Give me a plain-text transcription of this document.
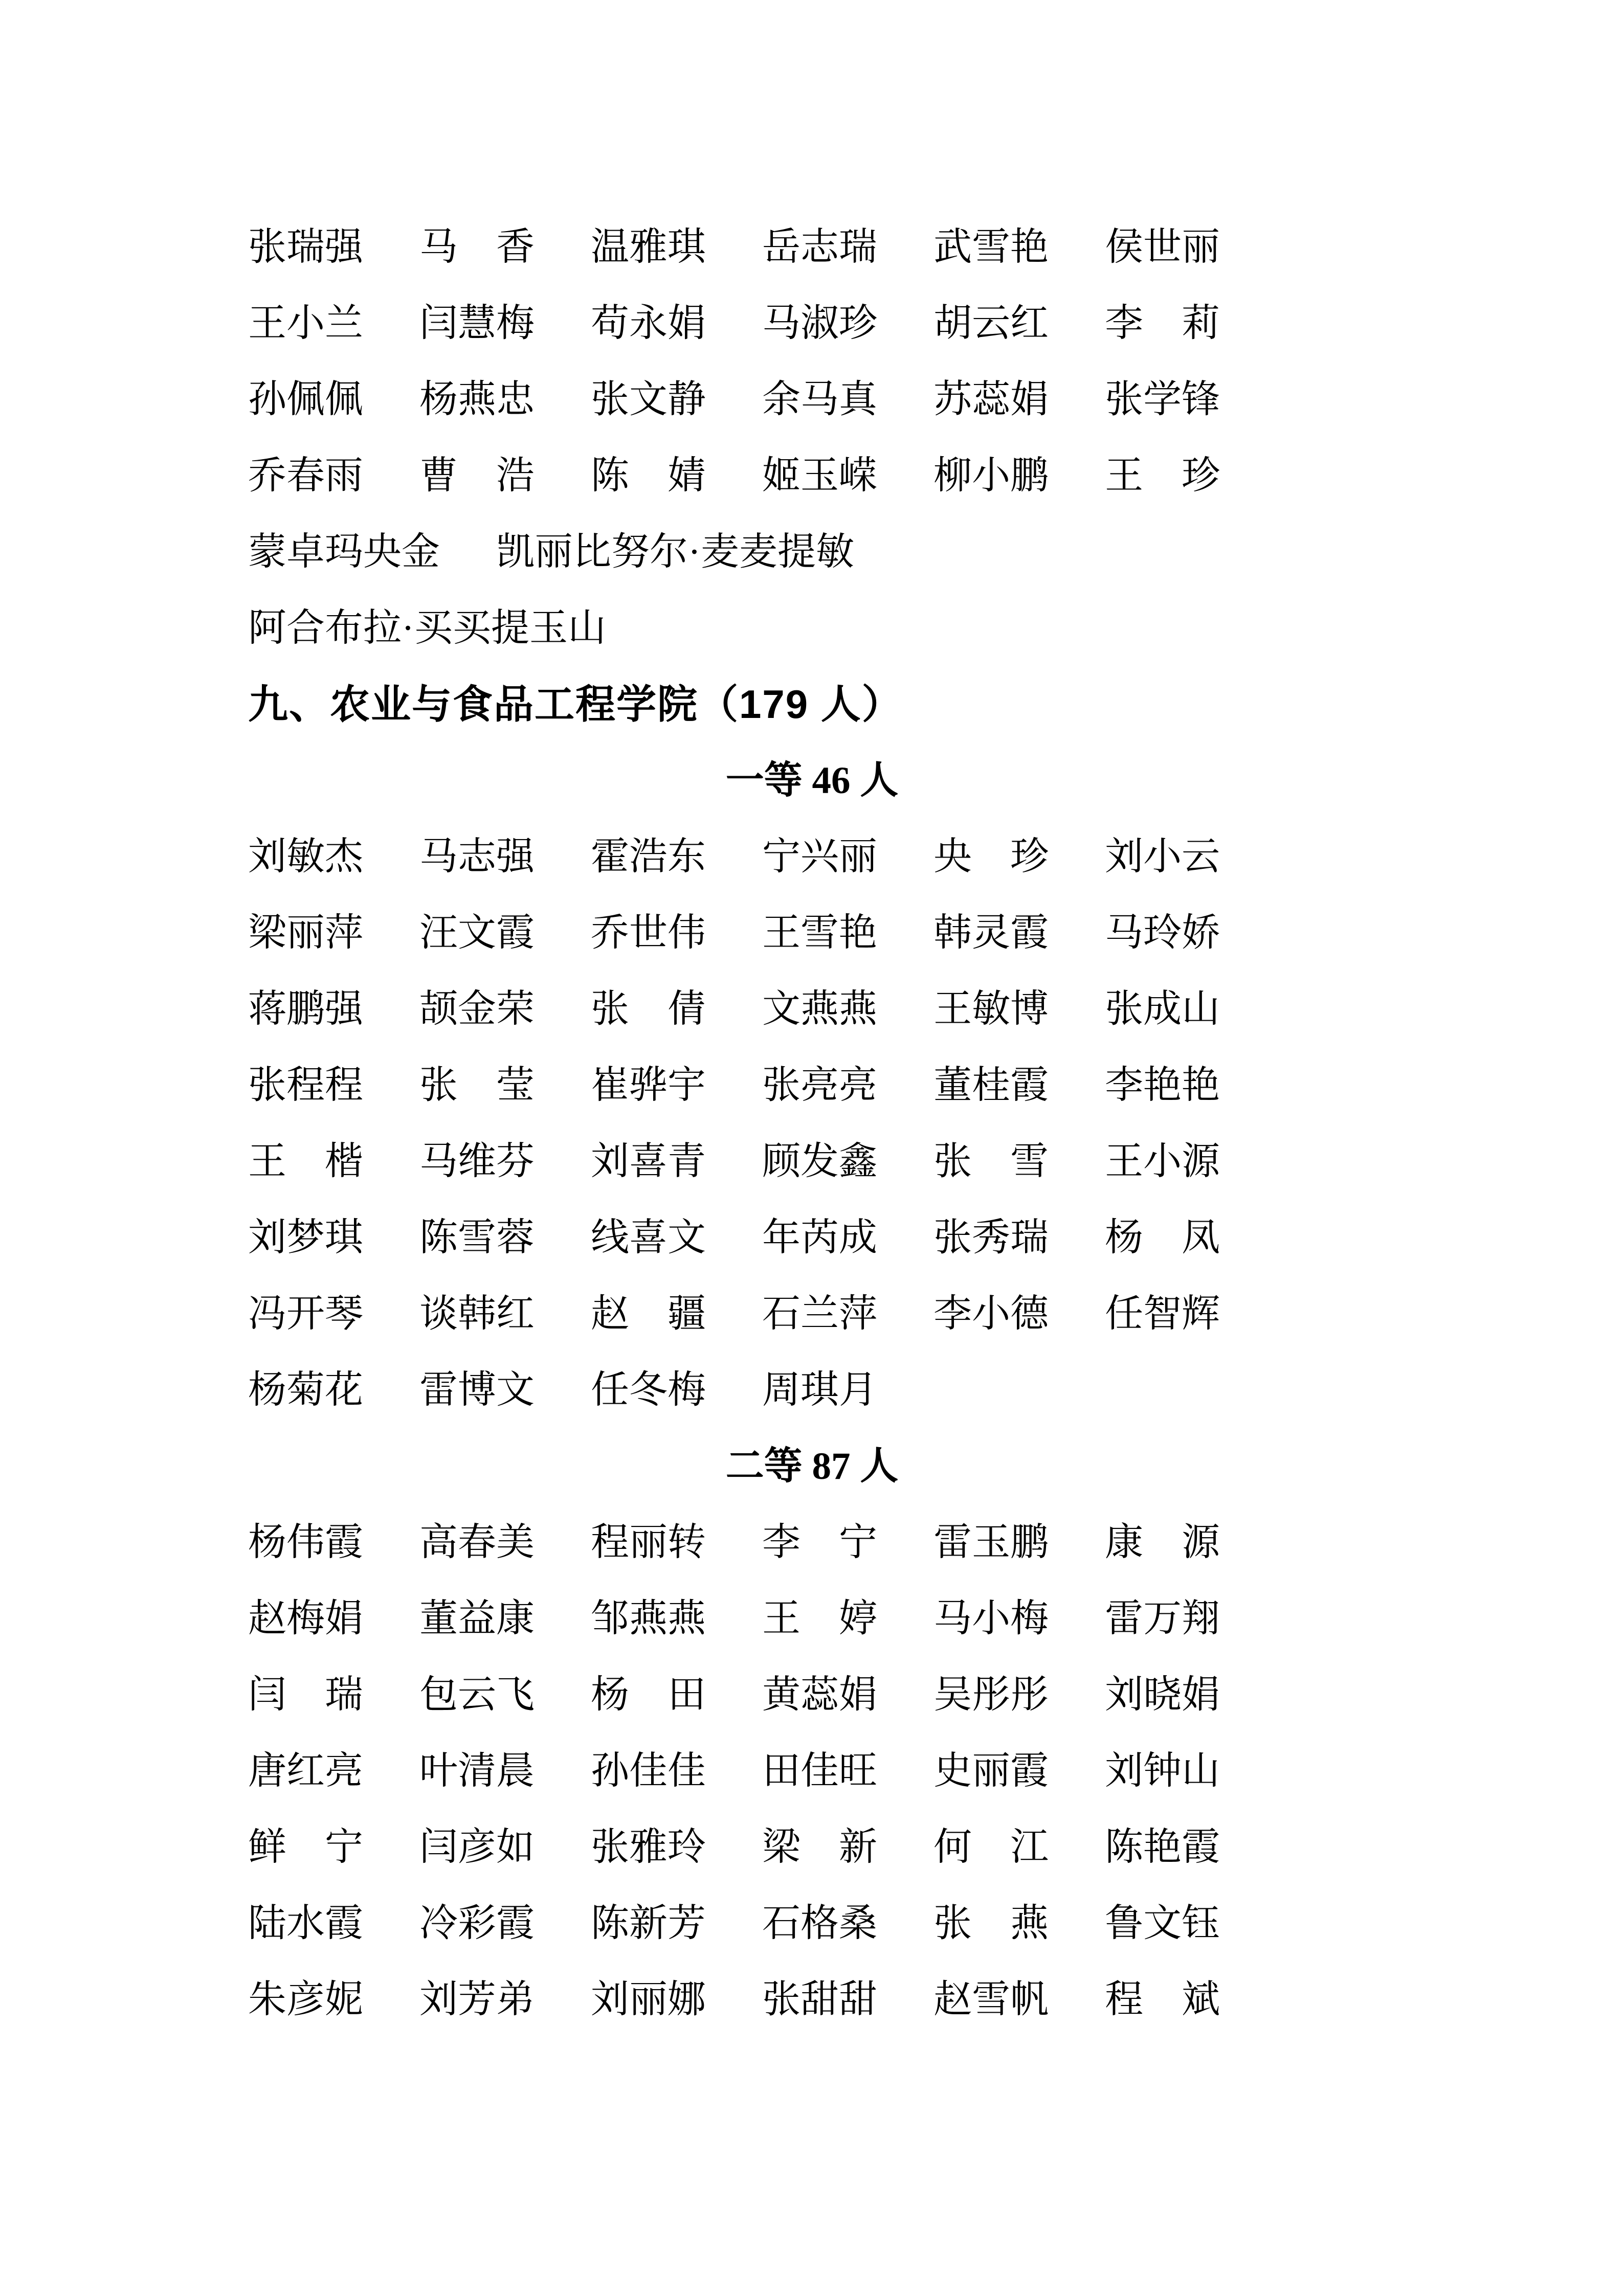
张瑞强 马　香 温雅琪 岳志瑞 武雪艳 侯世丽
王小兰 闫慧梅 苟永娟 马淑珍 胡云红 李　莉
孙佩佩 杨燕忠 张文静 余马真 苏蕊娟 张学锋
乔春雨 曹　浩 陈　婧 姬玉嵘 柳小鹏 王　珍
蒙卓玛央金 凯丽比努尔·麦麦提敏
阿合布拉·买买提玉山
九、农业与食品工程学院（179 人）
一等 46 人
刘敏杰 马志强 霍浩东 宁兴丽 央　珍 刘小云
梁丽萍 汪文霞 乔世伟 王雪艳 韩灵霞 马玲娇
蒋鹏强 颉金荣 张　倩 文燕燕 王敏博 张成山
张程程 张　莹 崔骅宇 张亮亮 董桂霞 李艳艳
王　楷 马维芬 刘喜青 顾发鑫 张　雪 王小源
刘梦琪 陈雪蓉 线喜文 年芮成 张秀瑞 杨　凤
冯开琴 谈韩红 赵　疆 石兰萍 李小德 任智辉
杨菊花 雷博文 任冬梅 周琪月
二等 87 人
杨伟霞 高春美 程丽转 李　宁 雷玉鹏 康　源
赵梅娟 董益康 邹燕燕 王　婷 马小梅 雷万翔
闫　瑞 包云飞 杨　田 黄蕊娟 吴彤彤 刘晓娟
唐红亮 叶清晨 孙佳佳 田佳旺 史丽霞 刘钟山
鲜　宁 闫彦如 张雅玲 梁　新 何　江 陈艳霞
陆水霞 冷彩霞 陈新芳 石格桑 张　燕 鲁文钰
朱彦妮 刘芳弟 刘丽娜 张甜甜 赵雪帆 程　斌
